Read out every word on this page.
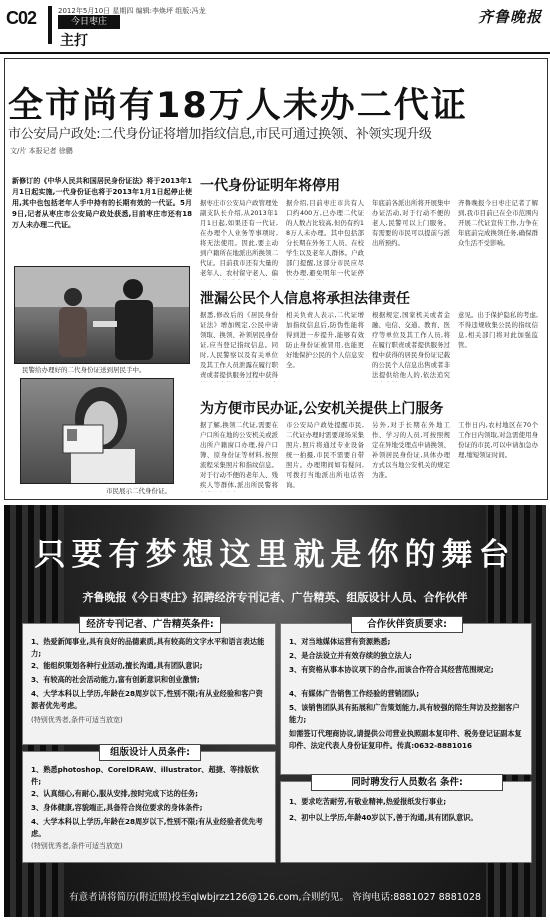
C02	2012年5月10日 星期四 编辑:李焕坪 组版:冯龙
今日枣庄
主打
齐鲁晚报
全市尚有18万人未办二代证
市公安局户政处:二代身份证将增加指纹信息,市民可通过换领、补领实现升级
文/片 本报记者 徐鹏
新修订的《中华人民共和国居民身份证法》将于2013年1月1日起实施,一代身份证也将于2013年1月1日起停止使用,其中也包括老年人手中持有的长期有效的一代证。5月9日,记者从枣庄市公安局户政处获悉,目前枣庄市还有18万人未办理二代证。
民警给办理好的二代身份证送到居民手中。
市民展示二代身份证。
一代身份证明年将停用
据枣庄市公安局户政管理处副支队长介绍,从2013年1月1日起,如果还有一代证,在办理个人业务等事项时,将无法使用。因此,要主动到户籍所在地派出所换领二代证。目前我市还有大量的老年人、农村留守老人、偏
据介绍,目前枣庄市共有人口约400万,已办理二代证的人数占比较高,但仍有约18万人未办理。其中包括部分长期在外务工人员、在校学生以及老年人群体。户政部门提醒,这部分市民应尽快办理,避免明年一代证停
年底前各派出所将开展集中办证活动,对于行动不便的老人,民警可以上门服务。有需要的市民可以提前与派出所预约。
齐鲁晚报今日枣庄记者了解到,我市目前已在全市范围内开展二代证宣传工作,力争在年底前完成换领任务,确保群众生活不受影响。
泄漏公民个人信息将承担法律责任
据悉,修改后的《居民身份证法》增加规定,公民申请领取、换领、补领居民身份证,应当登记指纹信息。同时,人民警察以及有关单位及其工作人员泄露在履行职责或者提供服务过程中获得
相关负责人表示,二代证增加指纹信息后,防伪性能将得到进一步提升,能够有效防止身份证被冒用,也能更好地保护公民的个人信息安全。
根据规定,国家机关或者金融、电信、交通、教育、医疗等单位及其工作人员,将在履行职责或者提供服务过程中获得的居民身份证记载的公民个人信息出售或者非法提供给他人的,依法追究
意见。出于保护隐私的考虑,不得违规收集公民的指纹信息,相关部门将对此加强监管。
为方便市民办证,公安机关提供上门服务
据了解,换领二代证,需要在户口所在地的公安机关或派出所户籍窗口办理,持户口簿、原身份证等材料,按照流程采集照片和指纹信息。对于行动不便的老年人、残疾人等群体,派出所民警将
市公安局户政处提醒市民,二代证办理时需要现场采集照片,照片将通过专业设备统一拍摄,市民不需要自带照片。办理期间如有疑问,可拨打当地派出所电话咨询。
另外,对于长期在外地工作、学习的人员,可按照规定在异地受理点申请换领、补领居民身份证,具体办理方式以当地公安机关的规定为准。
工作日内,农村地区在70个工作日内领取,对急需使用身份证的市民,可以申请加急办理,缩短领证时间。
只要有梦想这里就是你的舞台
齐鲁晚报《今日枣庄》招聘经济专刊记者、广告精英、组版设计人员、合作伙伴
经济专刊记者、广告精英条件:
1、热爱新闻事业,具有良好的品德素质,具有较高的文字水平和语言表达能力;
2、能组织策划各种行业活动,擅长沟通,具有团队意识;
3、有较高的社会活动能力,富有创新意识和创业激情;
4、大学本科以上学历,年龄在28周岁以下,性别不限;有从业经验和客户资源者优先考虑。
(特别优秀者,条件可适当放宽)
组版设计人员条件:
1、熟悉photoshop、CorelDRAW、illustrator、超捷、等排版软件;
2、认真细心,有耐心,服从安排,按时完成下达的任务;
3、身体健康,容貌端正,具备符合岗位要求的身体条件;
4、大学本科以上学历,年龄在28周岁以下,性别不限;有从业经验者优先考虑。
(特别优秀者,条件可适当放宽)
合作伙伴资质要求:
1、对当地媒体运营有资源熟悉;
2、是合法设立并有效存续的独立法人;
3、有资格从事本协议项下的合作,而该合作符合其经营范围规定;
4、有媒体广告销售工作经验的营销团队;
5、该销售团队具有拓展和广告策划能力,具有较强的陪生拜访及挖掘客户能力;
如需签订代理商协议,请提供公司营业执照副本复印件、税务登记证副本复印件、法定代表人身份证复印件。传真:0632-8881016
同时聘发行人员数名 条件:
1、要求吃苦耐劳,有敬业精神,热爱报纸发行事业;
2、初中以上学历,年龄40岁以下,善于沟通,具有团队意识。
有意者请将简历(附近照)投至qlwbjrzz126@126.com,合则约见。 咨询电话:8881027 8881028
